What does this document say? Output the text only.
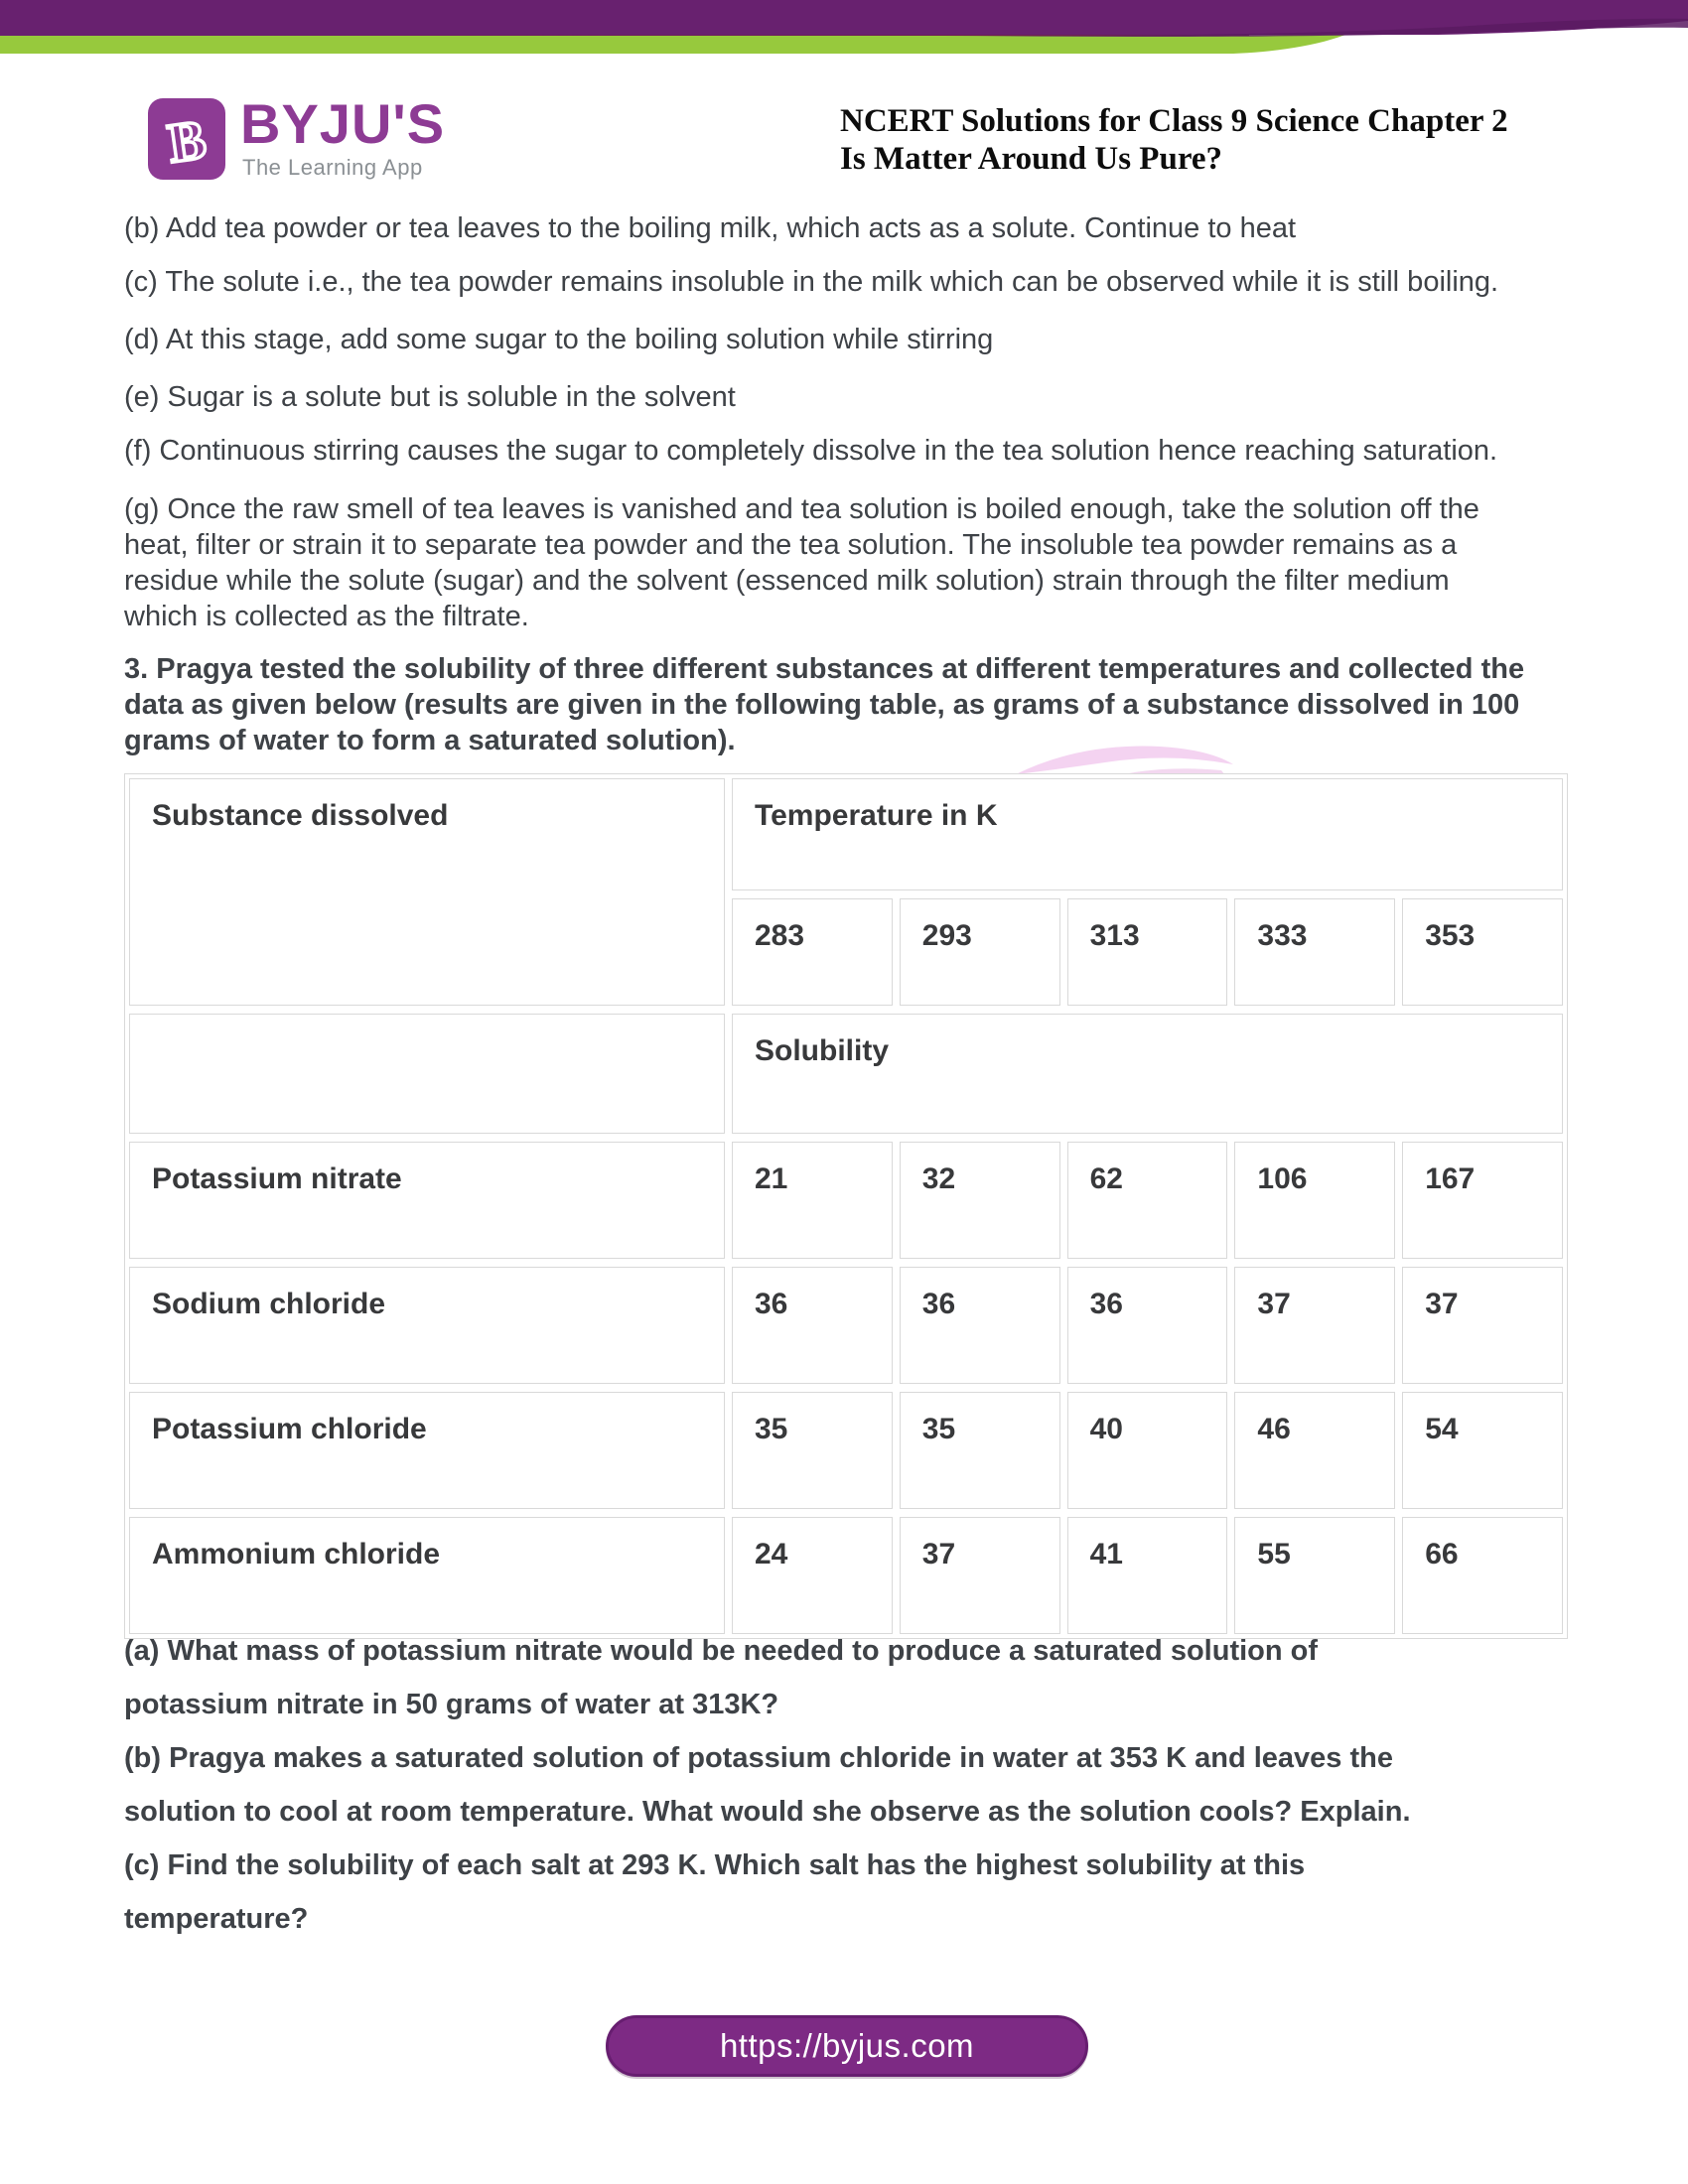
B BYJU'S
The Learning App
NCERT Solutions for Class 9 Science Chapter 2
Is Matter Around Us Pure?
(b) Add tea powder or tea leaves to the boiling milk, which acts as a solute. Continue to heat
(c) The solute i.e., the tea powder remains insoluble in the milk which can be observed while it is still boiling.
(d) At this stage, add some sugar to the boiling solution while stirring
(e) Sugar is a solute but is soluble in the solvent
(f) Continuous stirring causes the sugar to completely dissolve in the tea solution hence reaching saturation.
(g) Once the raw smell of tea leaves is vanished and tea solution is boiled enough, take the solution off the
heat, filter or strain it to separate tea powder and the tea solution. The insoluble tea powder remains as a
residue while the solute (sugar) and the solvent (essenced milk solution) strain through the filter medium
which is collected as the filtrate.
3. Pragya tested the solubility of three different substances at different temperatures and collected the
data as given below (results are given in the following table, as grams of a substance dissolved in 100
grams of water to form a saturated solution).
Substance dissolved	Temperature in K
283	293	313	333	353
Solubility
Potassium nitrate	21	32	62	106	167
Sodium chloride	36	36	36	37	37
Potassium chloride	35	35	40	46	54
Ammonium chloride	24	37	41	55	66
(a) What mass of potassium nitrate would be needed to produce a saturated solution of
potassium nitrate in 50 grams of water at 313K?
(b) Pragya makes a saturated solution of potassium chloride in water at 353 K and leaves the
solution to cool at room temperature. What would she observe as the solution cools? Explain.
(c) Find the solubility of each salt at 293 K. Which salt has the highest solubility at this
temperature?
https://byjus.com
